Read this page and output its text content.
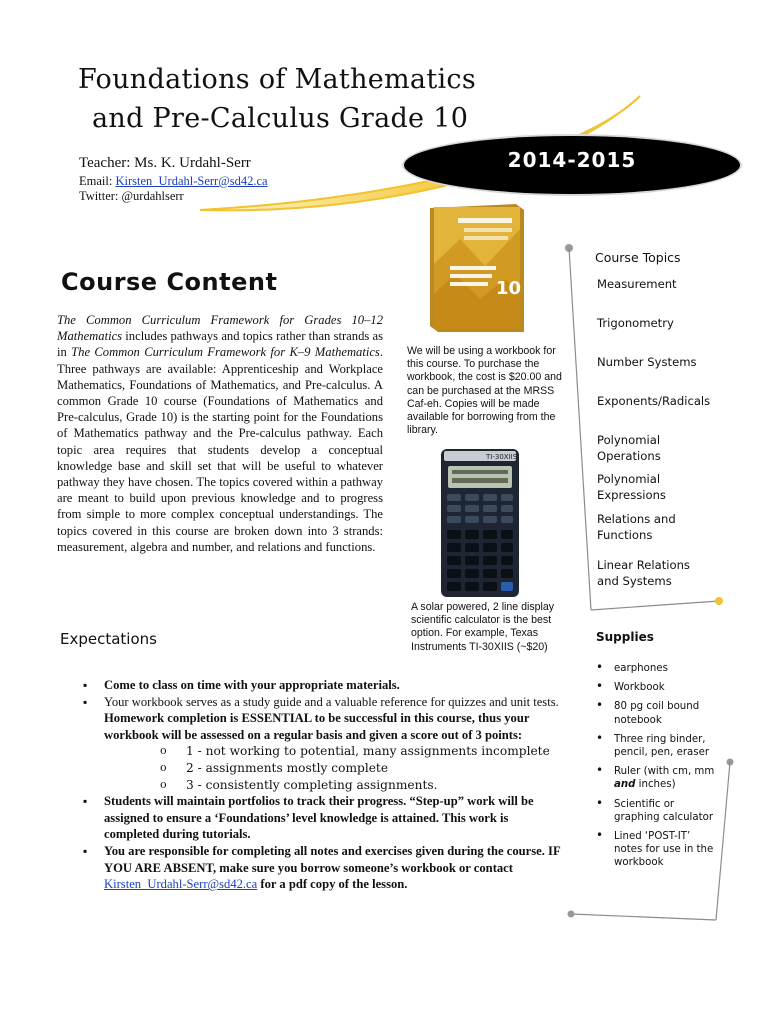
Foundations of Mathematics
and Pre-Calculus Grade 10
Teacher: Ms. K. Urdahl-Serr
Email: Kirsten_Urdahl-Serr@sd42.ca
Twitter: @urdahlserr
2014-2015
Course Content
The Common Curriculum Framework for Grades 10–12 Mathematics includes pathways and topics rather than strands as in The Common Curriculum Framework for K–9 Mathematics. Three pathways are available: Apprenticeship and Workplace Mathematics, Foundations of Mathematics, and Pre-calculus. A common Grade 10 course (Foundations of Mathematics and Pre-calculus, Grade 10) is the starting point for the Foundations of Mathematics pathway and the Pre-calculus pathway. Each topic area requires that students develop a conceptual knowledge base and skill set that will be useful to whatever pathway they have chosen. The topics covered within a pathway are meant to build upon previous knowledge and to progress from simple to more complex conceptual understandings. The topics covered in this course are broken down into 3 strands: measurement, algebra and number, and relations and functions.
10
We will be using a workbook for this course. To purchase the workbook, the cost is $20.00 and can be purchased at the MRSS Caf-eh. Copies will be made available for borrowing from the library.
TI-30XIIS
A solar powered, 2 line display scientific calculator is the best option. For example, Texas Instruments TI-30XIIS (~$20)
Expectations
▪ Come to class on time with your appropriate materials.
▪ Your workbook serves as a study guide and a valuable reference for quizzes and unit tests. Homework completion is ESSENTIAL to be successful in this course, thus your workbook will be assessed on a regular basis and given a score out of 3 points:
o 1 - not working to potential, many assignments incomplete
o 2 - assignments mostly complete
o 3 - consistently completing assignments.
▪ Students will maintain portfolios to track their progress. “Step-up” work will be assigned to ensure a ‘Foundations’ level knowledge is attained. This work is completed during tutorials.
▪ You are responsible for completing all notes and exercises given during the course. IF YOU ARE ABSENT, make sure you borrow someone’s workbook or contact Kirsten_Urdahl-Serr@sd42.ca for a pdf copy of the lesson.
Course Topics
Measurement
Trigonometry
Number Systems
Exponents/Radicals
Polynomial Operations
Polynomial Expressions
Relations and Functions
Linear Relations and Systems
Supplies
• earphones
• Workbook
• 80 pg coil bound notebook
• Three ring binder, pencil, pen, eraser
• Ruler (with cm, mm and inches)
• Scientific or graphing calculator
• Lined ‘POST-IT’ notes for use in the workbook
